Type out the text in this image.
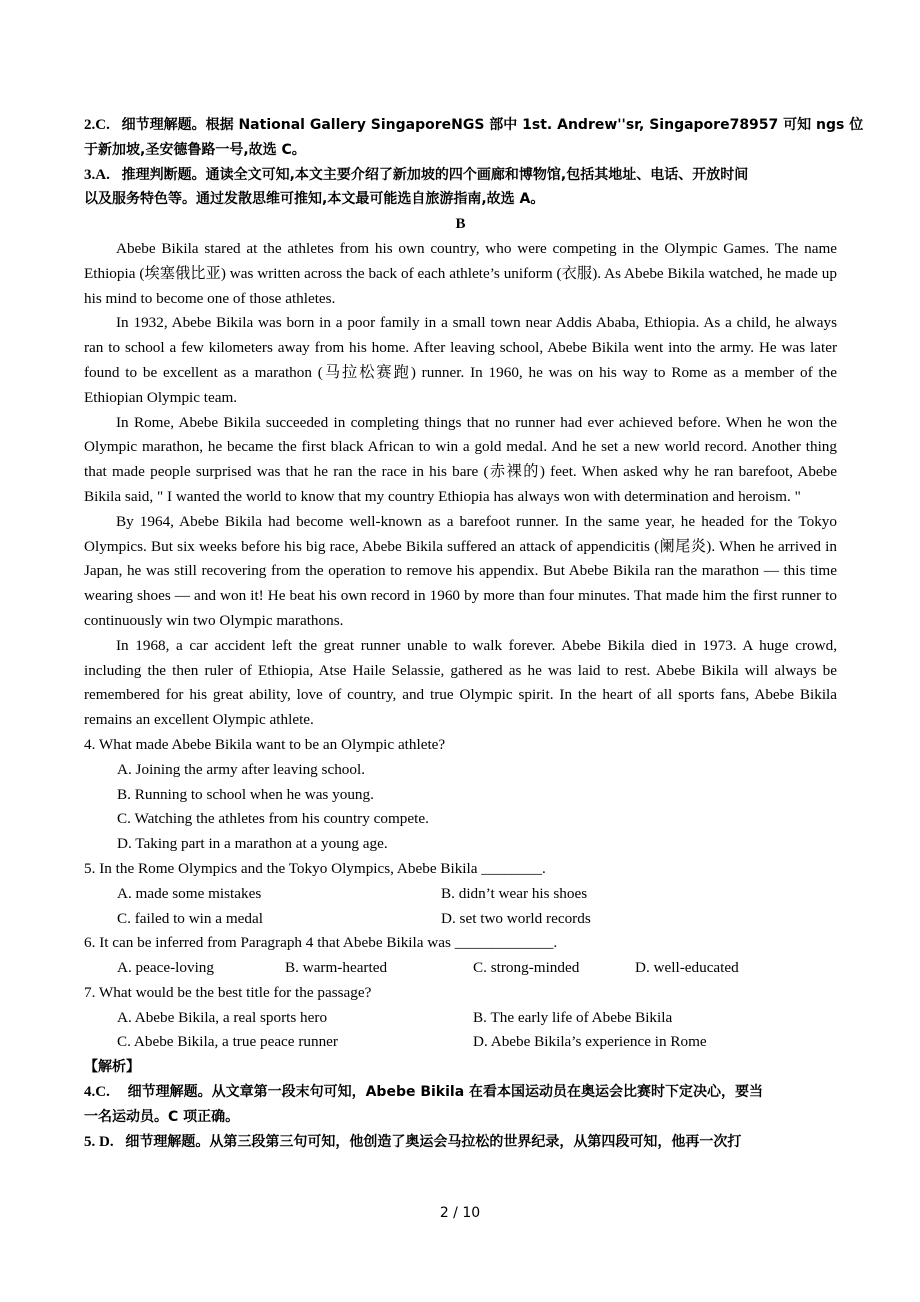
2.C. 细节理解题。根据 National Gallery SingaporeNGS 部中 1st. Andrew''sr, Singapore78957 可知 ngs 位
于新加坡,圣安德鲁路一号,故选 C。
3.A. 推理判断题。通读全文可知,本文主要介绍了新加坡的四个画廊和博物馆,包括其地址、电话、开放时间
以及服务特色等。通过发散思维可推知,本文最可能选自旅游指南,故选 A。
B

Abebe Bikila stared at the athletes from his own country, who were competing in the Olympic Games. The name Ethiopia (埃塞俄比亚) was written across the back of each athlete’s uniform (衣服). As Abebe Bikila watched, he made up his mind to become one of those athletes.

In 1932, Abebe Bikila was born in a poor family in a small town near Addis Ababa, Ethiopia. As a child, he always ran to school a few kilometers away from his home. After leaving school, Abebe Bikila went into the army. He was later found to be excellent as a marathon (马拉松赛跑) runner. In 1960, he was on his way to Rome as a member of the Ethiopian Olympic team.

In Rome, Abebe Bikila succeeded in completing things that no runner had ever achieved before. When he won the Olympic marathon, he became the first black African to win a gold medal. And he set a new world record. Another thing that made people surprised was that he ran the race in his bare (赤裸的) feet. When asked why he ran barefoot, Abebe Bikila said, " I wanted the world to know that my country Ethiopia has always won with determination and heroism. "

By 1964, Abebe Bikila had become well-known as a barefoot runner. In the same year, he headed for the Tokyo Olympics. But six weeks before his big race, Abebe Bikila suffered an attack of appendicitis (阑尾炎). When he arrived in Japan, he was still recovering from the operation to remove his appendix. But Abebe Bikila ran the marathon — this time wearing shoes — and won it! He beat his own record in 1960 by more than four minutes. That made him the first runner to continuously win two Olympic marathons.

In 1968, a car accident left the great runner unable to walk forever. Abebe Bikila died in 1973. A huge crowd, including the then ruler of Ethiopia, Atse Haile Selassie, gathered as he was laid to rest. Abebe Bikila will always be remembered for his great ability, love of country, and true Olympic spirit. In the heart of all sports fans, Abebe Bikila remains an excellent Olympic athlete.

4. What made Abebe Bikila want to be an Olympic athlete?

A. Joining the army after leaving school.

B. Running to school when he was young.

C. Watching the athletes from his country compete.

D. Taking part in a marathon at a young age.

5. In the Rome Olympics and the Tokyo Olympics, Abebe Bikila ________.

A. made some mistakes	B. didn’t wear his shoes
C. failed to win a medal	D. set two world records

6. It can be inferred from Paragraph 4 that Abebe Bikila was _____________.

A. peace-loving	B. warm-hearted	C. strong-minded	D. well-educated

7. What would be the best title for the passage?

A. Abebe Bikila, a real sports hero	B. The early life of Abebe Bikila
C. Abebe Bikila, a true peace runner	D. Abebe Bikila’s experience in Rome
【解析】
4.C. 细节理解题。从文章第一段末句可知，Abebe Bikila 在看本国运动员在奥运会比赛时下定决心，要当
一名运动员。C 项正确。
5. D. 细节理解题。从第三段第三句可知，他创造了奥运会马拉松的世界纪录，从第四段可知，他再一次打
2 / 10
